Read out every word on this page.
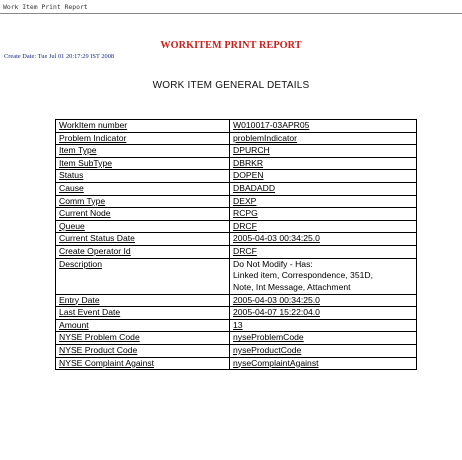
Work Item Print Report
WORKITEM PRINT REPORT
Create Date: Tue Jul 01 20:17:29 IST 2008
WORK ITEM GENERAL DETAILS
WorkItem number	W010017-03APR05
Problem Indicator	problemIndicator
Item Type	DPURCH
Item SubType	DBRKR
Status	DOPEN
Cause	DBADADD
Comm Type	DEXP
Current Node	RCPG
Queue	DRCF
Current Status Date	2005-04-03 00:34:25.0
Create Operator Id	DRCF
Description	Do Not Modify - Has:
Linked item, Correspondence, 351D,
Note, Int Message, Attachment

Entry Date	2005-04-03 00:34:25.0
Last Event Date	2005-04-07 15:22:04.0
Amount	13
NYSE Problem Code	nyseProblemCode
NYSE Product Code	nyseProductCode
NYSE Complaint Against	nyseComplaintAgainst
